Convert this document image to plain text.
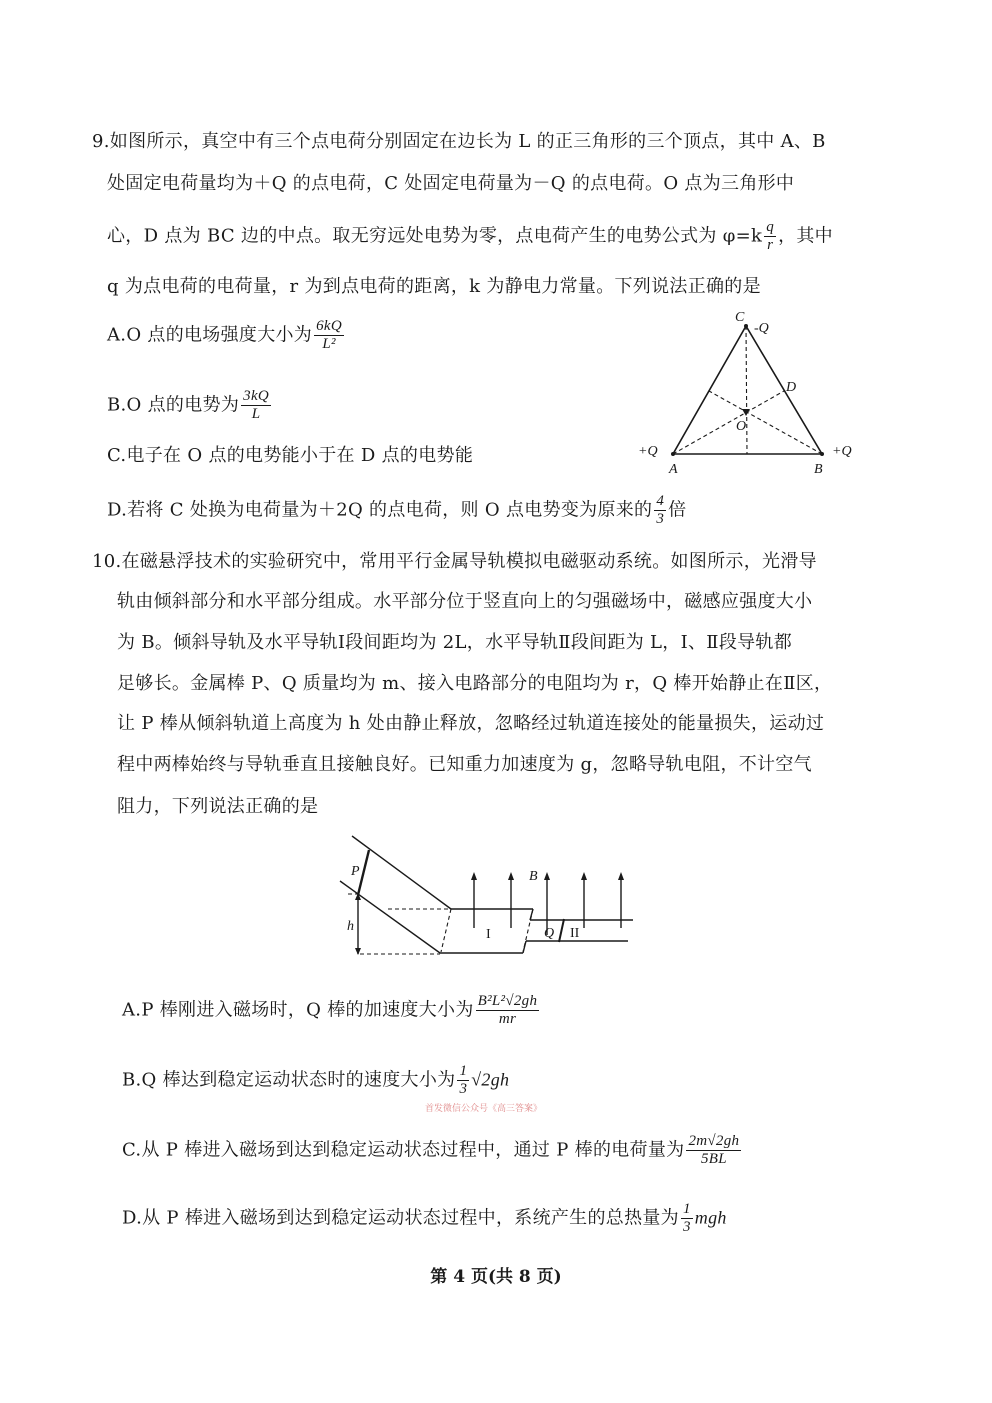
9.如图所示，真空中有三个点电荷分别固定在边长为 L 的正三角形的三个顶点，其中 A、B
处固定电荷量均为＋Q 的点电荷，C 处固定电荷量为－Q 的点电荷。O 点为三角形中
心，D 点为 BC 边的中点。取无穷远处电势为零，点电荷产生的电势公式为 $\varphi=k \frac{q}{r}$ ，其中
q 为点电荷的电荷量，r 为到点电荷的距离，k 为静电力常量。下列说法正确的是
A.O 点的电场强度大小为 $\frac{6kQ}{\text{L²}}$
B.O 点的电势为 $\frac{3kQ}{L}$
C.电子在 O 点的电势能小于在 D 点的电势能
D.若将 C 处换为电荷量为＋2Q 的点电荷，则 O 点电势变为原来的 $\frac{4}{3}$ 倍
C
-Q
D
O
+Q
A	B
+Q
10.在磁悬浮技术的实验研究中，常用平行金属导轨模拟电磁驱动系统。如图所示，光滑导
轨由倾斜部分和水平部分组成。水平部分位于竖直向上的匀强磁场中，磁感应强度大小
为 B。倾斜导轨及水平导轨Ⅰ段间距均为 2L，水平导轨Ⅱ段间距为 L，Ⅰ、Ⅱ段导轨都
足够长。金属棒 P、Q 质量均为 m、接入电路部分的电阻均为 r，Q 棒开始静止在Ⅱ区，
让 P 棒从倾斜轨道上高度为 h 处由静止释放，忽略经过轨道连接处的能量损失，运动过
程中两棒始终与导轨垂直且接触良好。已知重力加速度为 g，忽略导轨电阻，不计空气
阻力，下列说法正确的是
P
h
B
I	Q II
A.P 棒刚进入磁场时，Q 棒的加速度大小为 $\frac{\text{B²L²√2gh}}{mr}$
B.Q 棒达到稳定运动状态时的速度大小为 $\frac{1}{3} √2gh$
首发微信公众号《高三答案》
C.从 P 棒进入磁场到达到稳定运动状态过程中，通过 P 棒的电荷量为 $\frac{2m√2gh}{5BL}$
D.从 P 棒进入磁场到达到稳定运动状态过程中，系统产生的总热量为 $\frac{1}{3}$ mgh
第 4 页(共 8 页)
